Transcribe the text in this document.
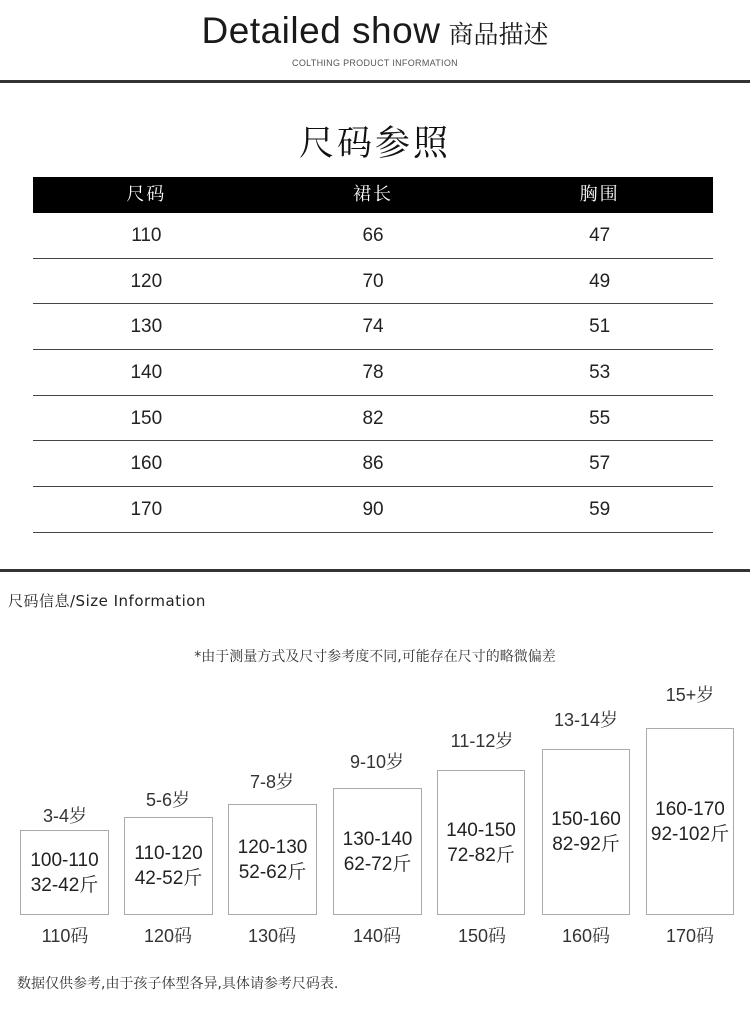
Detailed show 商品描述
COLTHING PRODUCT INFORMATION
尺码参照
尺码	裙长	胸围
110	66	47
120	70	49
130	74	51
140	78	53
150	82	55
160	86	57
170	90	59
尺码信息/Size Information
*由于测量方式及尺寸参考度不同,可能存在尺寸的略微偏差
3-4岁
100-110
32-42斤
110码
5-6岁
110-120
42-52斤
120码
7-8岁
120-130
52-62斤
130码
9-10岁
130-140
62-72斤
140码
11-12岁
140-150
72-82斤
150码
13-14岁
150-160
82-92斤
160码
15+岁
160-170
92-102斤
170码
数据仅供参考,由于孩子体型各异,具体请参考尺码表.
